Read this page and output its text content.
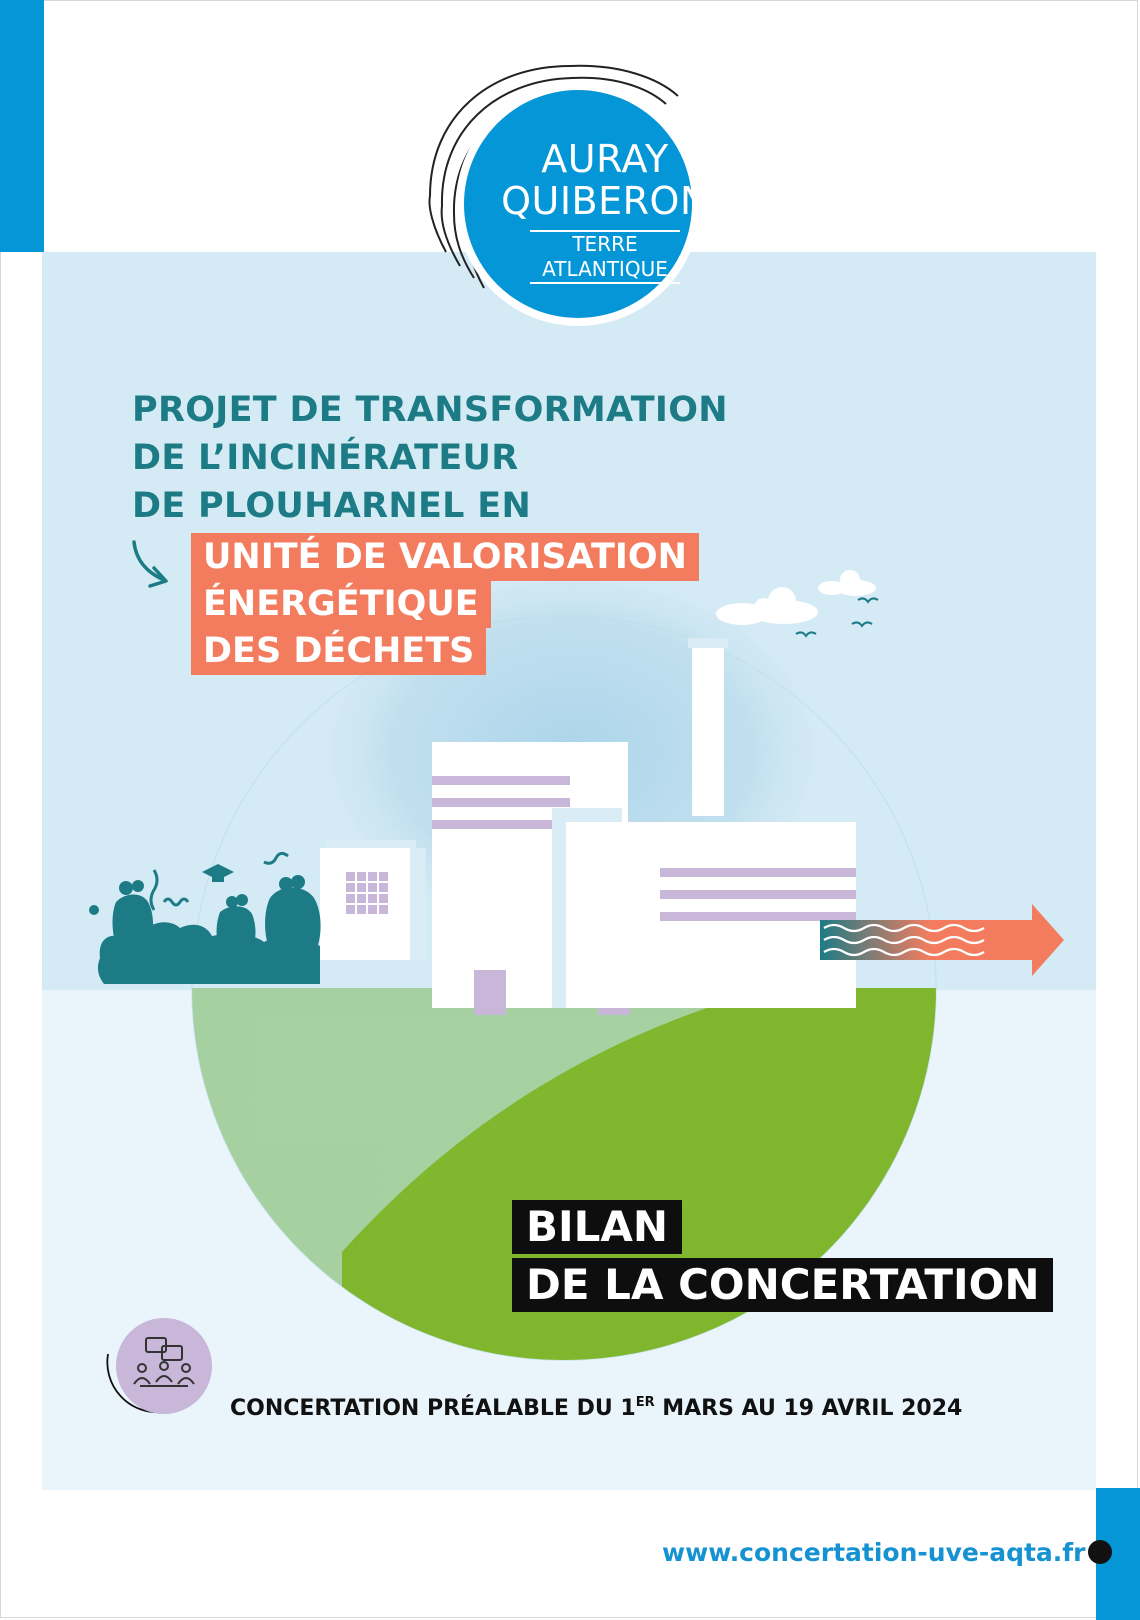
AURAY
QUIBERON
TERRE
ATLANTIQUE
PROJET DE TRANSFORMATION
DE L’INCINÉRATEUR
DE PLOUHARNEL EN
UNITÉ DE VALORISATION
ÉNERGÉTIQUE
DES DÉCHETS
BILAN
DE LA CONCERTATION
CONCERTATION PRÉALABLE DU 1ER MARS AU 19 AVRIL 2024
www.concertation-uve-aqta.fr
